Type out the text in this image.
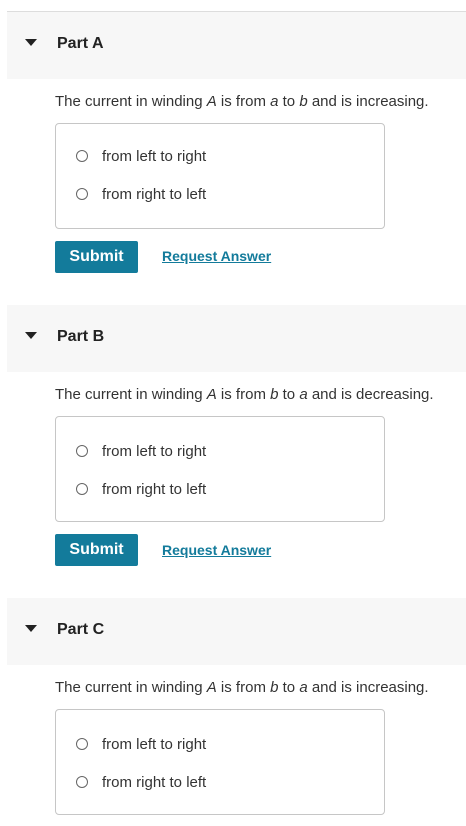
Part A
The current in winding A is from a to b and is increasing.
from left to right
from right to left
Submit	Request Answer
Part B
The current in winding A is from b to a and is decreasing.
from left to right
from right to left
Submit	Request Answer
Part C
The current in winding A is from b to a and is increasing.
from left to right
from right to left
